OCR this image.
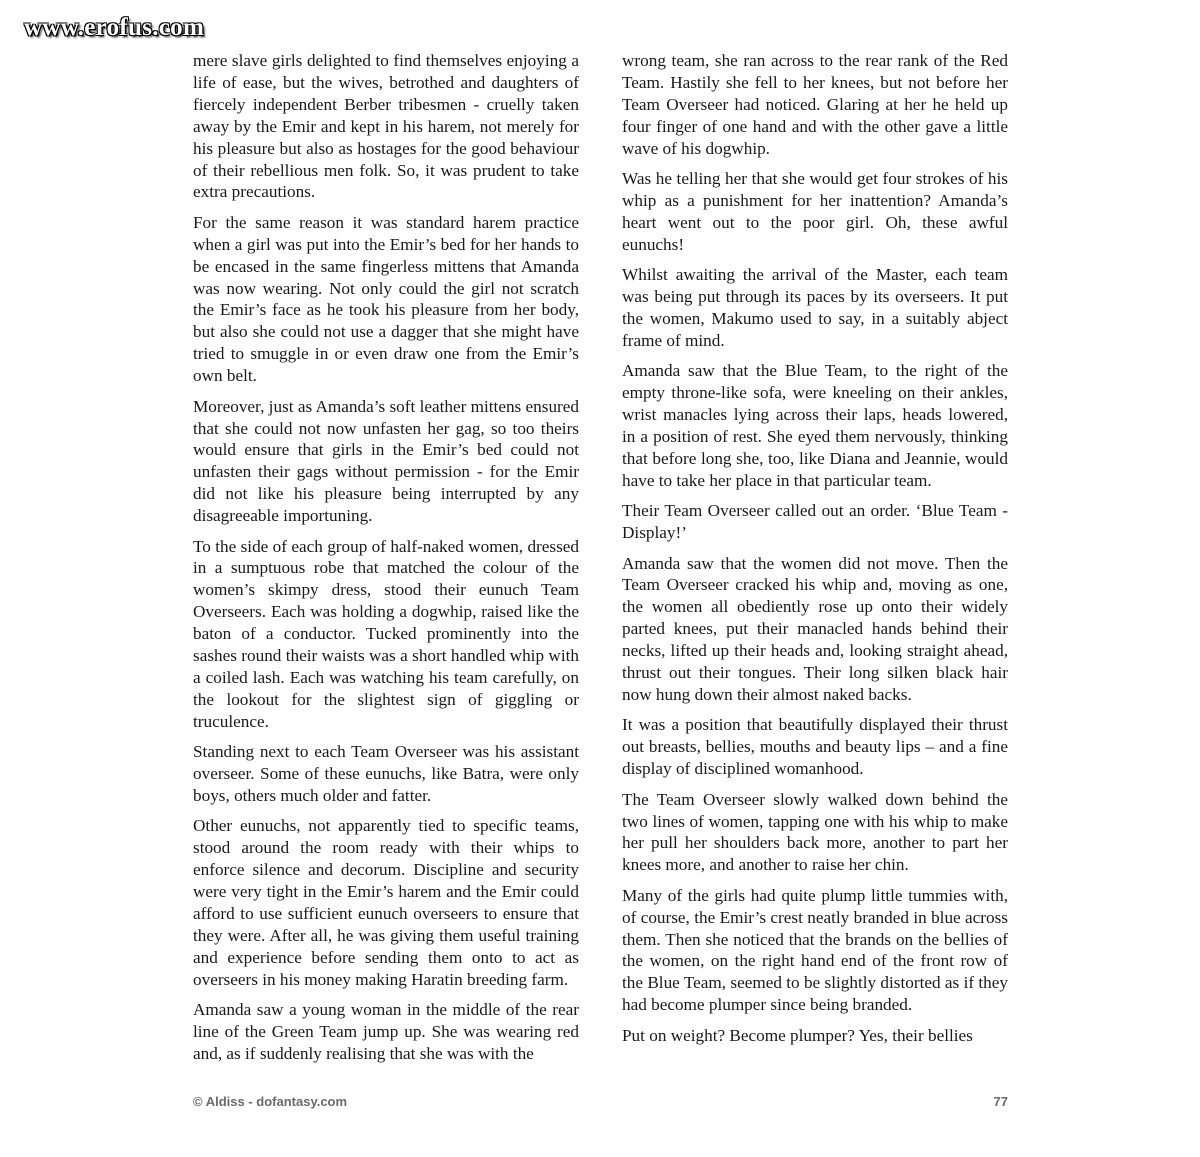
www.erofus.com

mere slave girls delighted to find themselves enjoying a life of ease, but the wives, betrothed and daughters of fiercely independent Berber tribesmen - cruelly taken away by the Emir and kept in his harem, not merely for his pleasure but also as hostages for the good behaviour of their rebellious men folk. So, it was prudent to take extra precautions.

For the same reason it was standard harem practice when a girl was put into the Emir’s bed for her hands to be encased in the same fingerless mittens that Amanda was now wearing. Not only could the girl not scratch the Emir’s face as he took his pleasure from her body, but also she could not use a dagger that she might have tried to smuggle in or even draw one from the Emir’s own belt.

Moreover, just as Amanda’s soft leather mittens ensured that she could not now unfasten her gag, so too theirs would ensure that girls in the Emir’s bed could not unfasten their gags without permission - for the Emir did not like his pleasure being interrupted by any disagreeable importuning.

To the side of each group of half-naked women, dressed in a sumptuous robe that matched the colour of the women’s skimpy dress, stood their eunuch Team Overseers. Each was holding a dogwhip, raised like the baton of a conductor. Tucked prominently into the sashes round their waists was a short handled whip with a coiled lash. Each was watching his team carefully, on the lookout for the slightest sign of giggling or truculence.

Standing next to each Team Overseer was his assistant overseer. Some of these eunuchs, like Batra, were only boys, others much older and fatter.

Other eunuchs, not apparently tied to specific teams, stood around the room ready with their whips to enforce silence and decorum. Discipline and security were very tight in the Emir’s harem and the Emir could afford to use sufficient eunuch overseers to ensure that they were. After all, he was giving them useful training and experience before sending them onto to act as overseers in his money making Haratin breeding farm.

Amanda saw a young woman in the middle of the rear line of the Green Team jump up. She was wearing red and, as if suddenly realising that she was with the

wrong team, she ran across to the rear rank of the Red Team. Hastily she fell to her knees, but not before her Team Overseer had noticed. Glaring at her he held up four finger of one hand and with the other gave a little wave of his dogwhip.

Was he telling her that she would get four strokes of his whip as a punishment for her inattention? Amanda’s heart went out to the poor girl. Oh, these awful eunuchs!

Whilst awaiting the arrival of the Master, each team was being put through its paces by its overseers. It put the women, Makumo used to say, in a suitably abject frame of mind.

Amanda saw that the Blue Team, to the right of the empty throne-like sofa, were kneeling on their ankles, wrist manacles lying across their laps, heads lowered, in a position of rest. She eyed them nervously, thinking that before long she, too, like Diana and Jeannie, would have to take her place in that particular team.

Their Team Overseer called out an order. ‘Blue Team - Display!’

Amanda saw that the women did not move. Then the Team Overseer cracked his whip and, moving as one, the women all obediently rose up onto their widely parted knees, put their manacled hands behind their necks, lifted up their heads and, looking straight ahead, thrust out their tongues. Their long silken black hair now hung down their almost naked backs.

It was a position that beautifully displayed their thrust out breasts, bellies, mouths and beauty lips – and a fine display of disciplined womanhood.

The Team Overseer slowly walked down behind the two lines of women, tapping one with his whip to make her pull her shoulders back more, another to part her knees more, and another to raise her chin.

Many of the girls had quite plump little tummies with, of course, the Emir’s crest neatly branded in blue across them. Then she noticed that the brands on the bellies of the women, on the right hand end of the front row of the Blue Team, seemed to be slightly distorted as if they had become plumper since being branded.

Put on weight? Become plumper? Yes, their bellies

© Aldiss - dofantasy.com	77
